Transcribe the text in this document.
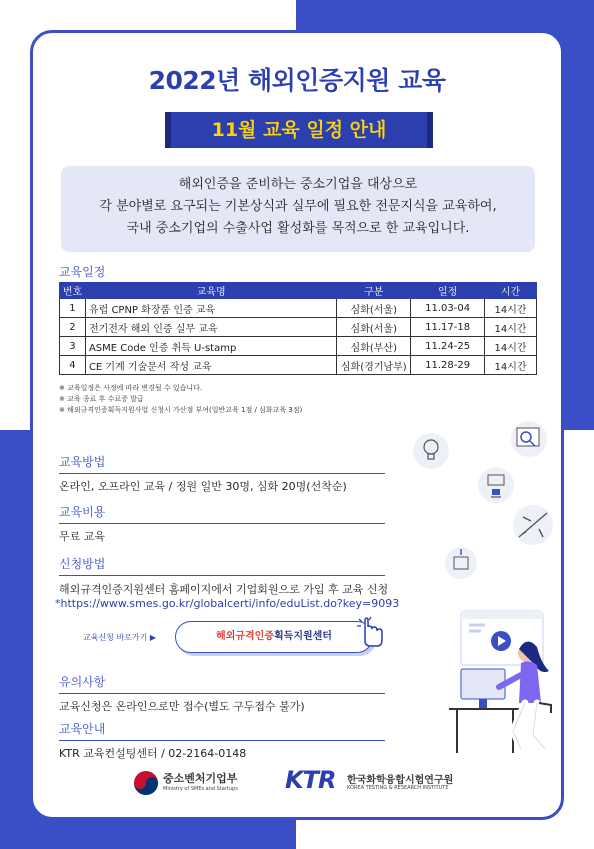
2022년 해외인증지원 교육
11월 교육 일정 안내
해외인증을 준비하는 중소기업을 대상으로
각 분야별로 요구되는 기본상식과 실무에 필요한 전문지식을 교육하여,
국내 중소기업의 수출사업 활성화를 목적으로 한 교육입니다.
교육일정
번호	교육명	구분	일정	시간
1	유럽 CPNP 화장품 인증 교육	심화(서울)	11.03-04	14시간
2	전기전자 해외 인증 실무 교육	심화(서울)	11.17-18	14시간
3	ASME Code 인증 취득 U-stamp	심화(부산)	11.24-25	14시간
4	CE 기계 기술문서 작성 교육	심화(경기남부)	11.28-29	14시간
※ 교육일정은 사정에 따라 변경될 수 있습니다.
※ 교육 종료 후 수료증 발급
※ 해외규격인증획득지원사업 신청시 가산점 부여(일반교육 1점 / 심화교육 3점)
교육방법
온라인, 오프라인 교육 / 정원 일반 30명, 심화 20명(선착순)
교육비용
무료 교육
신청방법
해외규격인증지원센터 홈페이지에서 기업회원으로 가입 후 교육 신청
*https://www.smes.go.kr/globalcerti/info/eduList.do?key=9093
교육신청 바로가기 ▶	해외규격인증획득지원센터
유의사항
교육신청은 온라인으로만 접수(별도 구두접수 불가)
교육안내
KTR 교육컨설팅센터 / 02-2164-0148
중소벤처기업부
Ministry of SMEs and Startups KTR 한국화학융합시험연구원
KOREA TESTING & RESEARCH INSTITUTE
